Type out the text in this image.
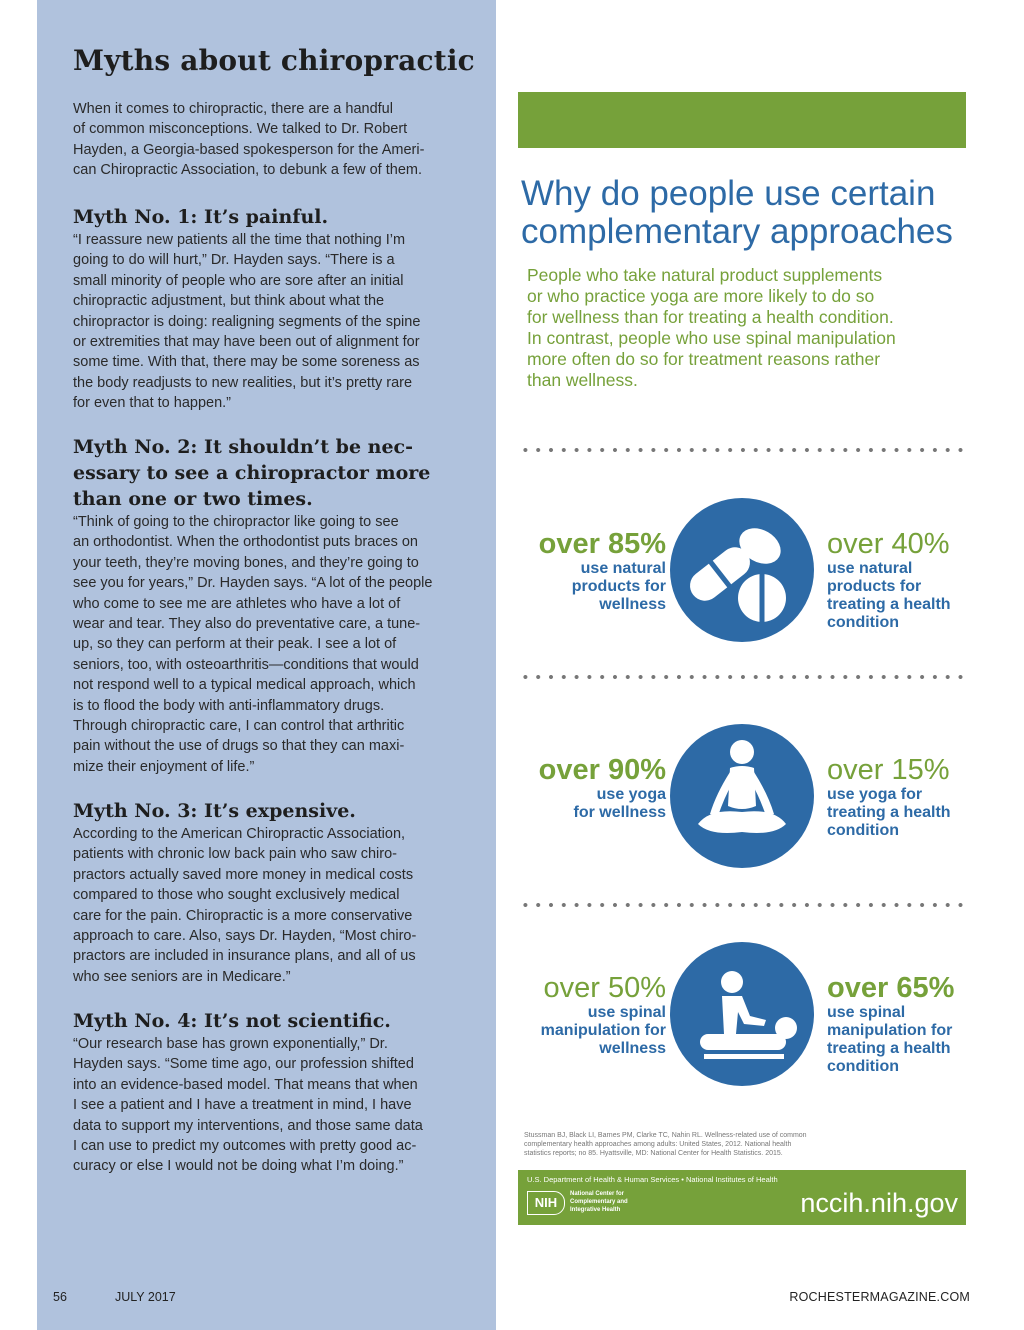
Myths about chiropractic

When it comes to chiropractic, there are a handful
of common misconceptions. We talked to Dr. Robert
Hayden, a Georgia-based spokesperson for the Ameri-
can Chiropractic Association, to debunk a few of them.

Myth No. 1: It’s painful.

“I reassure new patients all the time that nothing I’m
going to do will hurt,” Dr. Hayden says. “There is a
small minority of people who are sore after an initial
chiropractic adjustment, but think about what the
chiropractor is doing: realigning segments of the spine
or extremities that may have been out of alignment for
some time. With that, there may be some soreness as
the body readjusts to new realities, but it’s pretty rare
for even that to happen.”

Myth No. 2: It shouldn’t be nec-
essary to see a chiropractor more
than one or two times.

“Think of going to the chiropractor like going to see
an orthodontist. When the orthodontist puts braces on
your teeth, they’re moving bones, and they’re going to
see you for years,” Dr. Hayden says. “A lot of the people
who come to see me are athletes who have a lot of
wear and tear. They also do preventative care, a tune-
up, so they can perform at their peak. I see a lot of
seniors, too, with osteoarthritis—conditions that would
not respond well to a typical medical approach, which
is to flood the body with anti-inflammatory drugs.
Through chiropractic care, I can control that arthritic
pain without the use of drugs so that they can maxi-
mize their enjoyment of life.”

Myth No. 3: It’s expensive.

According to the American Chiropractic Association,
patients with chronic low back pain who saw chiro-
practors actually saved more money in medical costs
compared to those who sought exclusively medical
care for the pain. Chiropractic is a more conservative
approach to care. Also, says Dr. Hayden, “Most chiro-
practors are included in insurance plans, and all of us
who see seniors are in Medicare.”

Myth No. 4: It’s not scientific.

“Our research base has grown exponentially,” Dr.
Hayden says. “Some time ago, our profession shifted
into an evidence-based model. That means that when
I see a patient and I have a treatment in mind, I have
data to support my interventions, and those same data
I can use to predict my outcomes with pretty good ac-
curacy or else I would not be doing what I’m doing.”

Why do people use certain
complementary approaches

People who take natural product supplements
or who practice yoga are more likely to do so
for wellness than for treating a health condition.
In contrast, people who use spinal manipulation
more often do so for treatment reasons rather
than wellness.

over 85%
use natural
products for
wellness
over 40%
use natural
products for
treating a health
condition
over 90%
use yoga
for wellness
over 15%
use yoga for
treating a health
condition
over 50%
use spinal
manipulation for
wellness
over 65%
use spinal
manipulation for
treating a health
condition

Stussman BJ, Black LI, Barnes PM, Clarke TC, Nahin RL. Wellness-related use of common
complementary health approaches among adults: United States, 2012. National health
statistics reports; no 85. Hyattsville, MD: National Center for Health Statistics. 2015.

U.S. Department of Health & Human Services • National Institutes of Health
NIH
National Center for
Complementary and
Integrative Health	nccih.nih.gov
56	JULY 2017	ROCHESTERMAGAZINE.COM
